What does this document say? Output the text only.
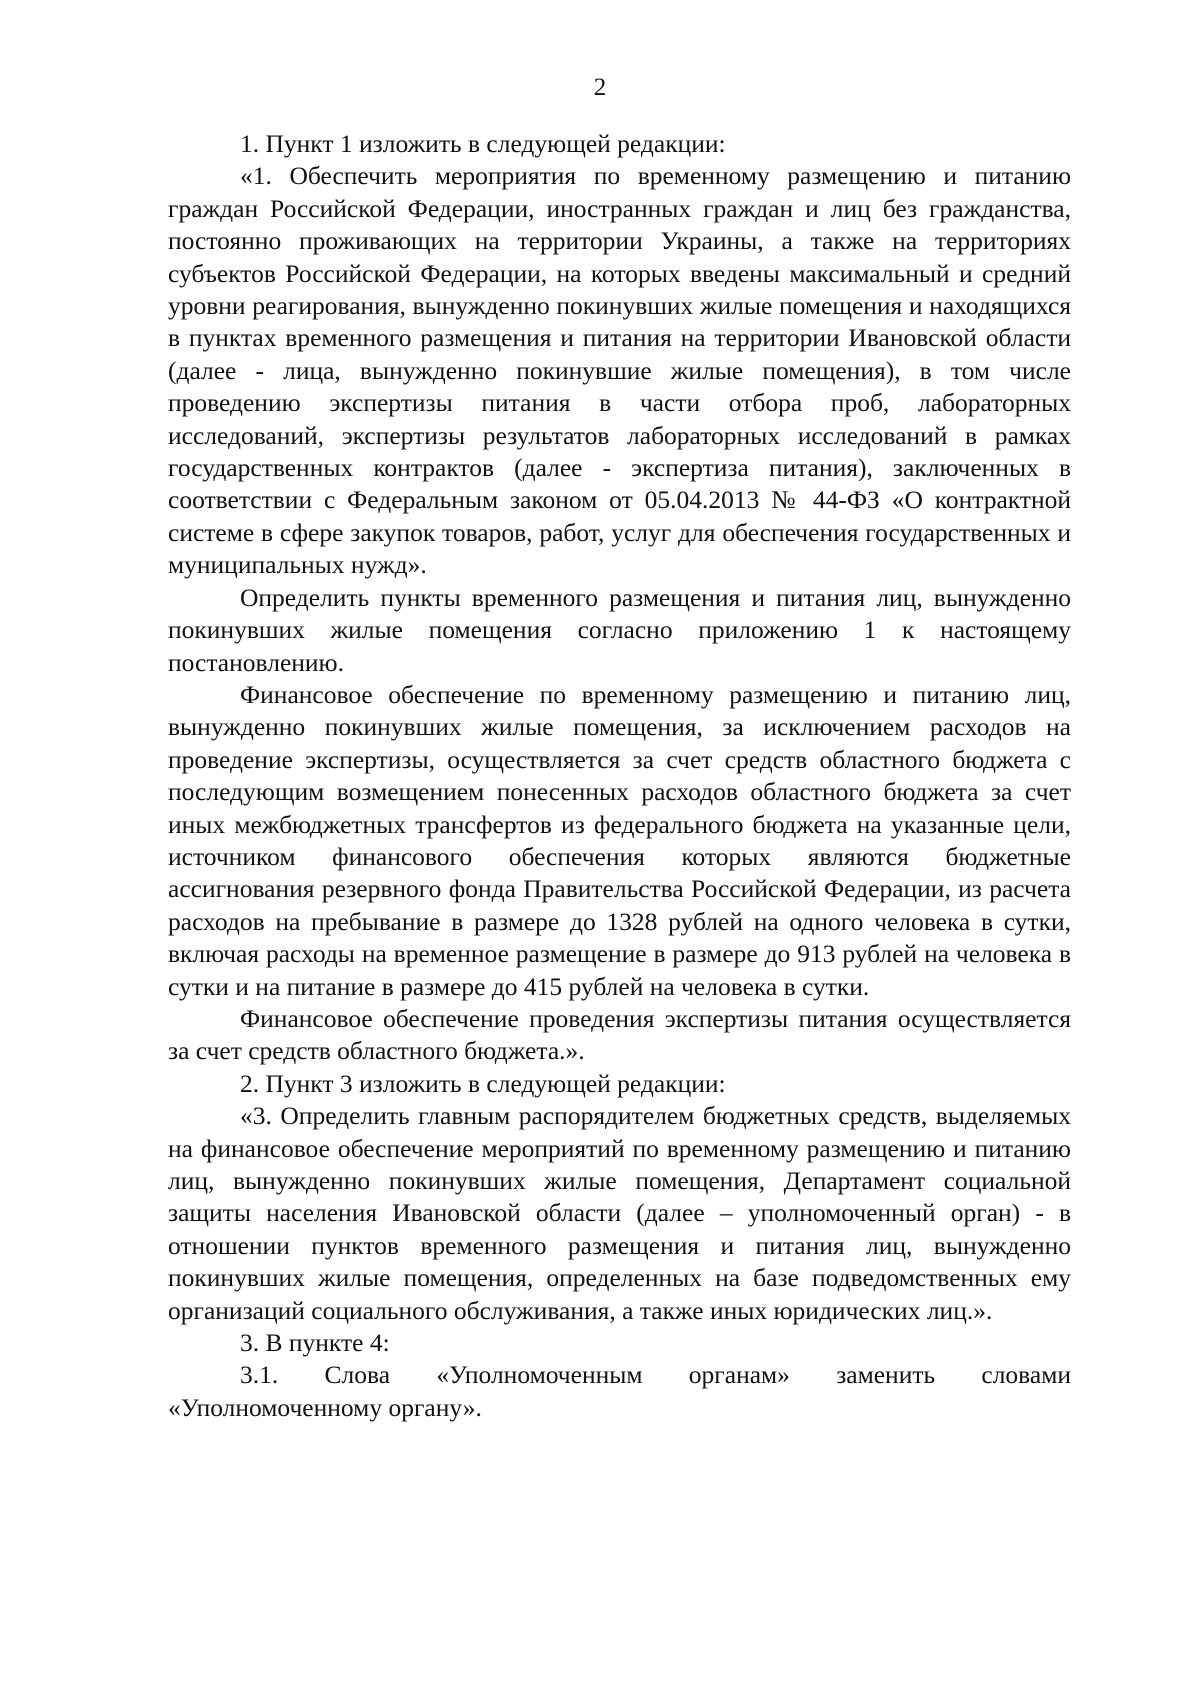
2

1. Пункт 1 изложить в следующей редакции:

«1. Обеспечить мероприятия по временному размещению и питанию граждан Российской Федерации, иностранных граждан и лиц без гражданства, постоянно проживающих на территории Украины, а также на территориях субъектов Российской Федерации, на которых введены максимальный и средний уровни реагирования, вынужденно покинувших жилые помещения и находящихся в пунктах временного размещения и питания на территории Ивановской области (далее - лица, вынужденно покинувшие жилые помещения), в том числе проведению экспертизы питания в части отбора проб, лабораторных исследований, экспертизы результатов лабораторных исследований в рамках государственных контрактов (далее - экспертиза питания), заключенных в соответствии с Федеральным законом от 05.04.2013 № 44-ФЗ «О контрактной системе в сфере закупок товаров, работ, услуг для обеспечения государственных и муниципальных нужд».

Определить пункты временного размещения и питания лиц, вынужденно покинувших жилые помещения согласно приложению 1 к настоящему постановлению.

Финансовое обеспечение по временному размещению и питанию лиц, вынужденно покинувших жилые помещения, за исключением расходов на проведение экспертизы, осуществляется за счет средств областного бюджета с последующим возмещением понесенных расходов областного бюджета за счет иных межбюджетных трансфертов из федерального бюджета на указанные цели, источником финансового обеспечения которых являются бюджетные ассигнования резервного фонда Правительства Российской Федерации, из расчета расходов на пребывание в размере до 1328 рублей на одного человека в сутки, включая расходы на временное размещение в размере до 913 рублей на человека в сутки и на питание в размере до 415 рублей на человека в сутки.

Финансовое обеспечение проведения экспертизы питания осуществляется за счет средств областного бюджета.».

2. Пункт 3 изложить в следующей редакции:

«3. Определить главным распорядителем бюджетных средств, выделяемых на финансовое обеспечение мероприятий по временному размещению и питанию лиц, вынужденно покинувших жилые помещения, Департамент социальной защиты населения Ивановской области (далее – уполномоченный орган) - в отношении пунктов временного размещения и питания лиц, вынужденно покинувших жилые помещения, определенных на базе подведомственных ему организаций социального обслуживания, а также иных юридических лиц.».

3. В пункте 4:

3.1. Слова «Уполномоченным органам» заменить словами «Уполномоченному органу».
